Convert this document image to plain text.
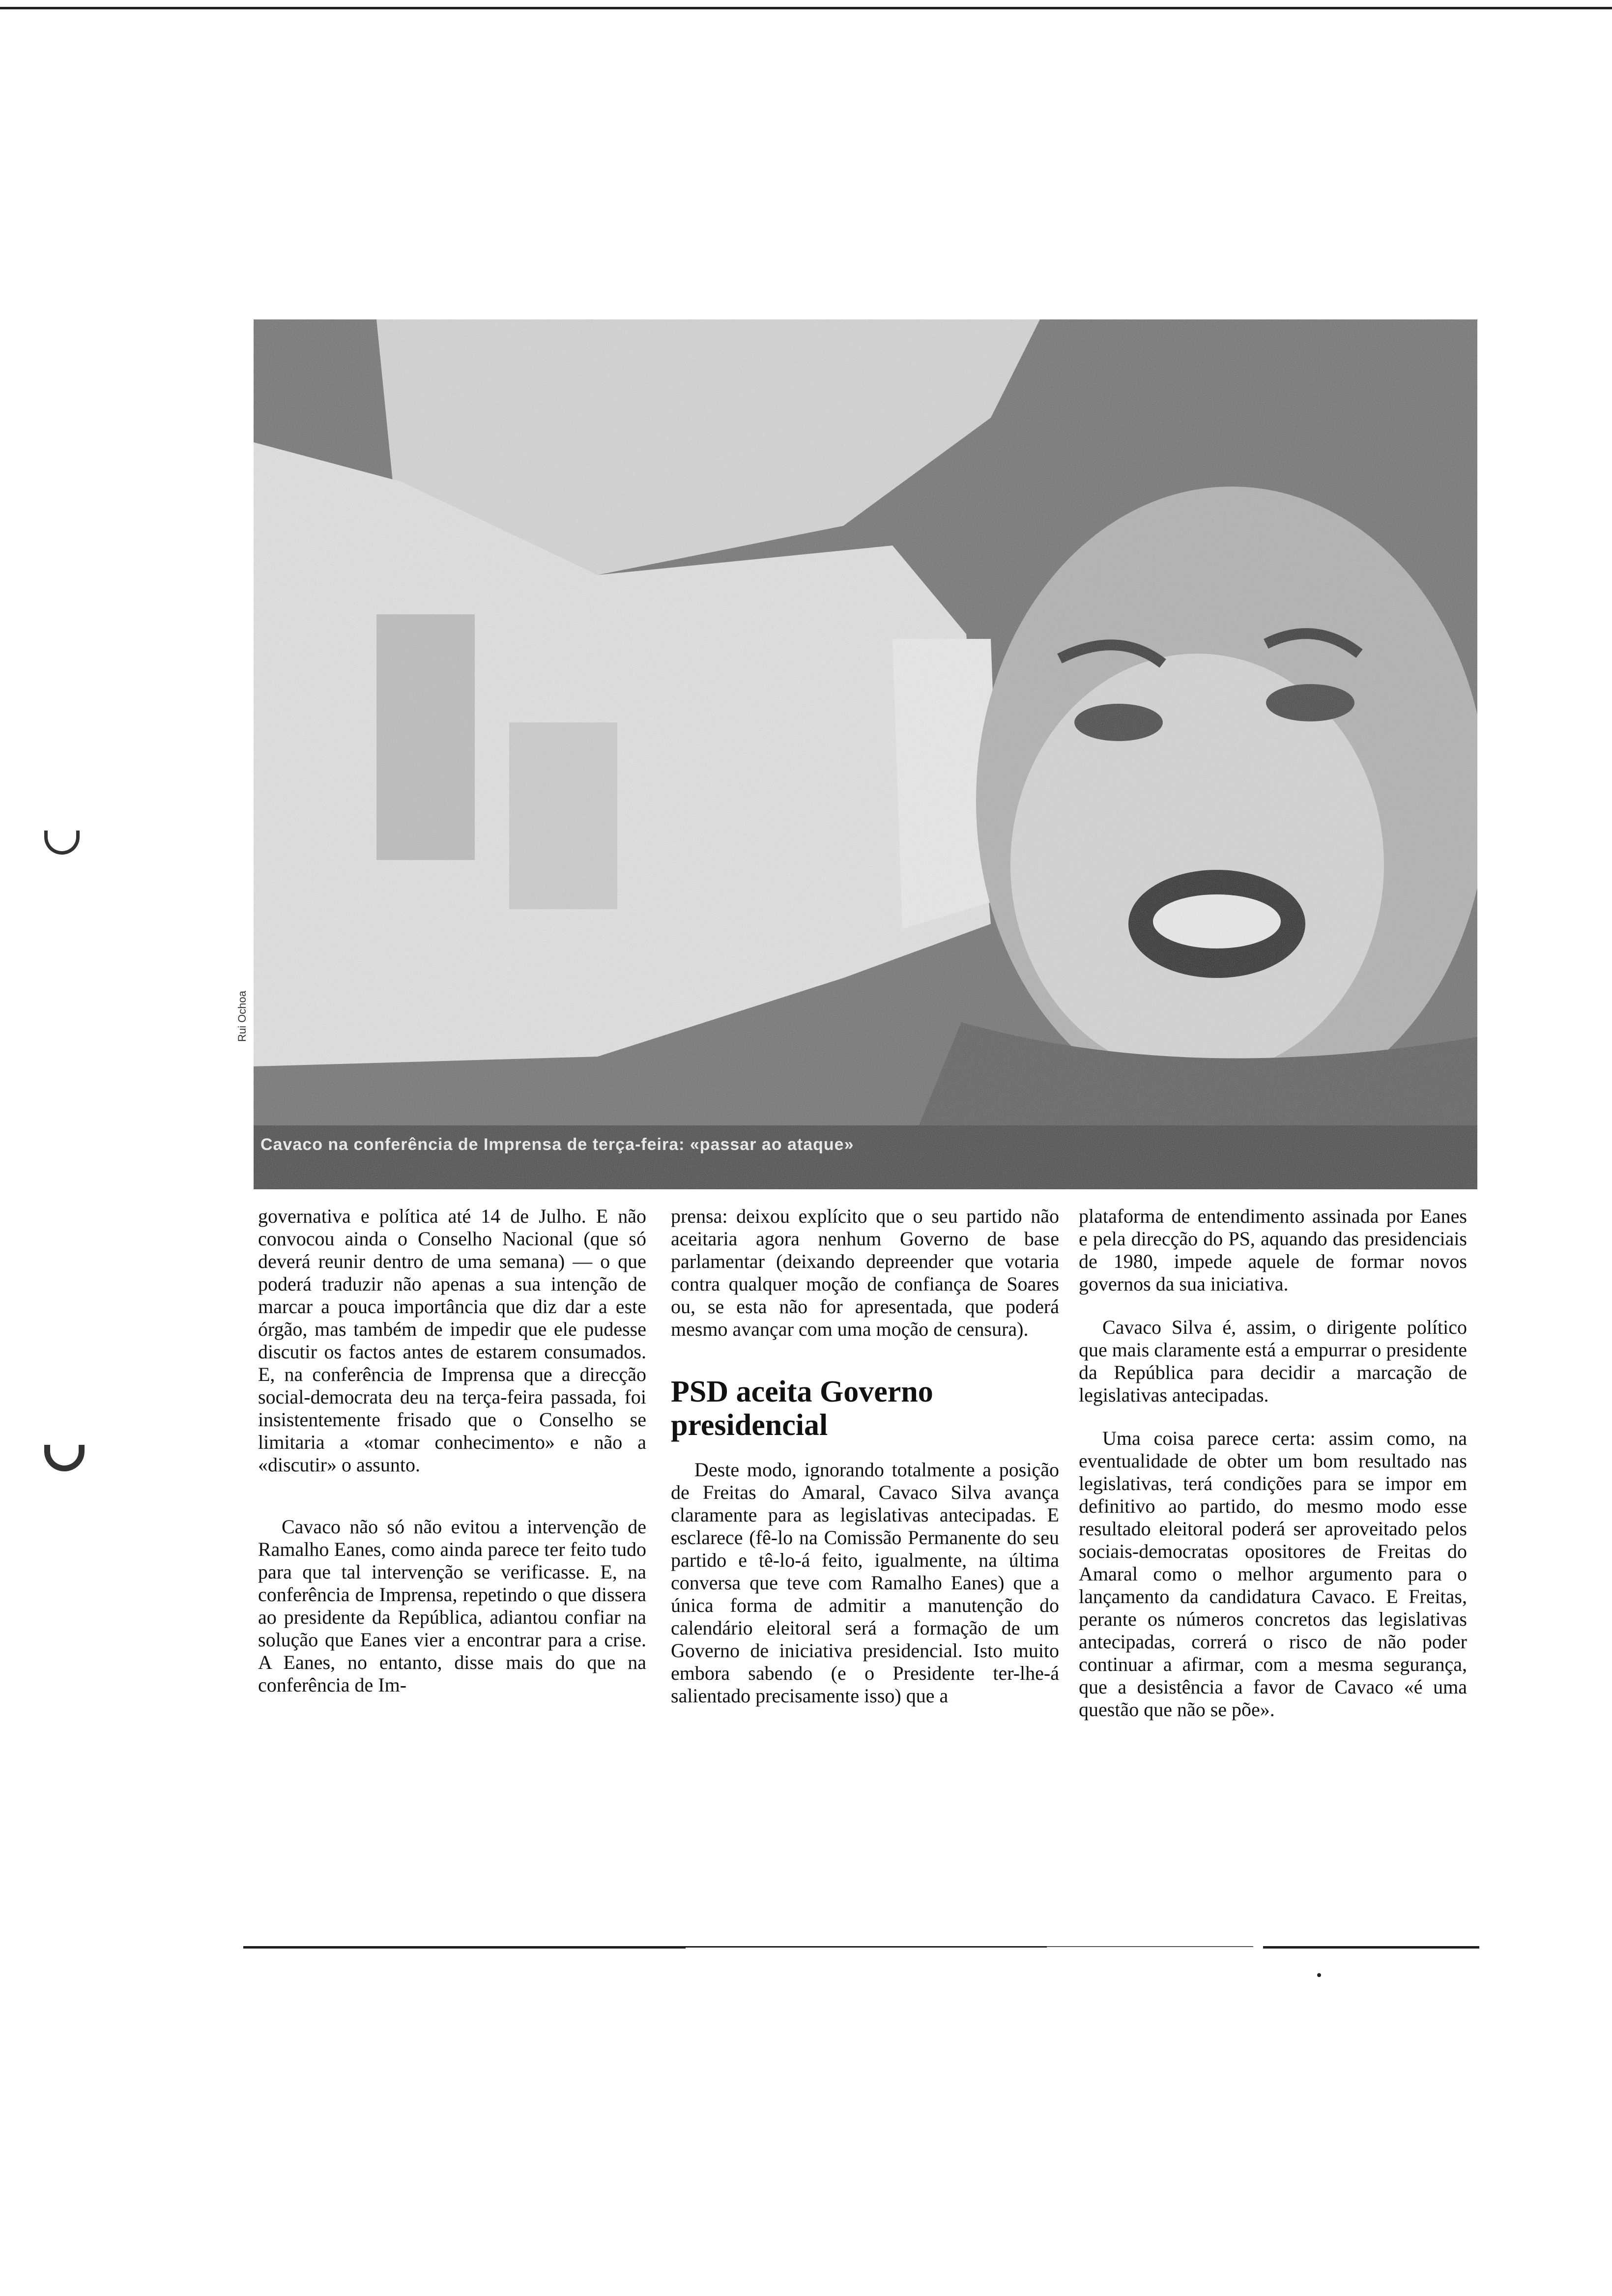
Cavaco na conferência de Imprensa de terça-feira: «passar ao ataque»
Rui Ochoa

governativa e política até 14 de Julho. E não convocou ainda o Conselho Nacional (que só deverá reunir dentro de uma semana) — o que poderá traduzir não apenas a sua intenção de marcar a pouca importância que diz dar a este órgão, mas também de impedir que ele pudesse discutir os factos antes de estarem consumados. E, na conferência de Imprensa que a direcção social-democrata deu na terça-feira passada, foi insistentemente frisado que o Conselho se limitaria a «tomar conhecimento» e não a «discutir» o assunto.

Cavaco não só não evitou a intervenção de Ramalho Eanes, como ainda parece ter feito tudo para que tal intervenção se verificasse. E, na conferência de Imprensa, repetindo o que dissera ao presidente da República, adiantou confiar na solução que Eanes vier a encontrar para a crise. A Eanes, no entanto, disse mais do que na conferência de Im-

prensa: deixou explícito que o seu partido não aceitaria agora nenhum Governo de base parlamentar (deixando depreender que votaria contra qualquer moção de confiança de Soares ou, se esta não for apresentada, que poderá mesmo avançar com uma moção de censura).

PSD aceita Governo presidencial

Deste modo, ignorando totalmente a posição de Freitas do Amaral, Cavaco Silva avança claramente para as legislativas antecipadas. E esclarece (fê-lo na Comissão Permanente do seu partido e tê-lo-á feito, igualmente, na última conversa que teve com Ramalho Eanes) que a única forma de admitir a manutenção do calendário eleitoral será a formação de um Governo de iniciativa presidencial. Isto muito embora sabendo (e o Presidente ter-lhe-á salientado precisamente isso) que a

plataforma de entendimento assinada por Eanes e pela direcção do PS, aquando das presidenciais de 1980, impede aquele de formar novos governos da sua iniciativa.

Cavaco Silva é, assim, o dirigente político que mais claramente está a empurrar o presidente da República para decidir a marcação de legislativas antecipadas.

Uma coisa parece certa: assim como, na eventualidade de obter um bom resultado nas legislativas, terá condições para se impor em definitivo ao partido, do mesmo modo esse resultado eleitoral poderá ser aproveitado pelos sociais-democratas opositores de Freitas do Amaral como o melhor argumento para o lançamento da candidatura Cavaco. E Freitas, perante os números concretos das legislativas antecipadas, correrá o risco de não poder continuar a afirmar, com a mesma segurança, que a desistência a favor de Cavaco «é uma questão que não se põe».
